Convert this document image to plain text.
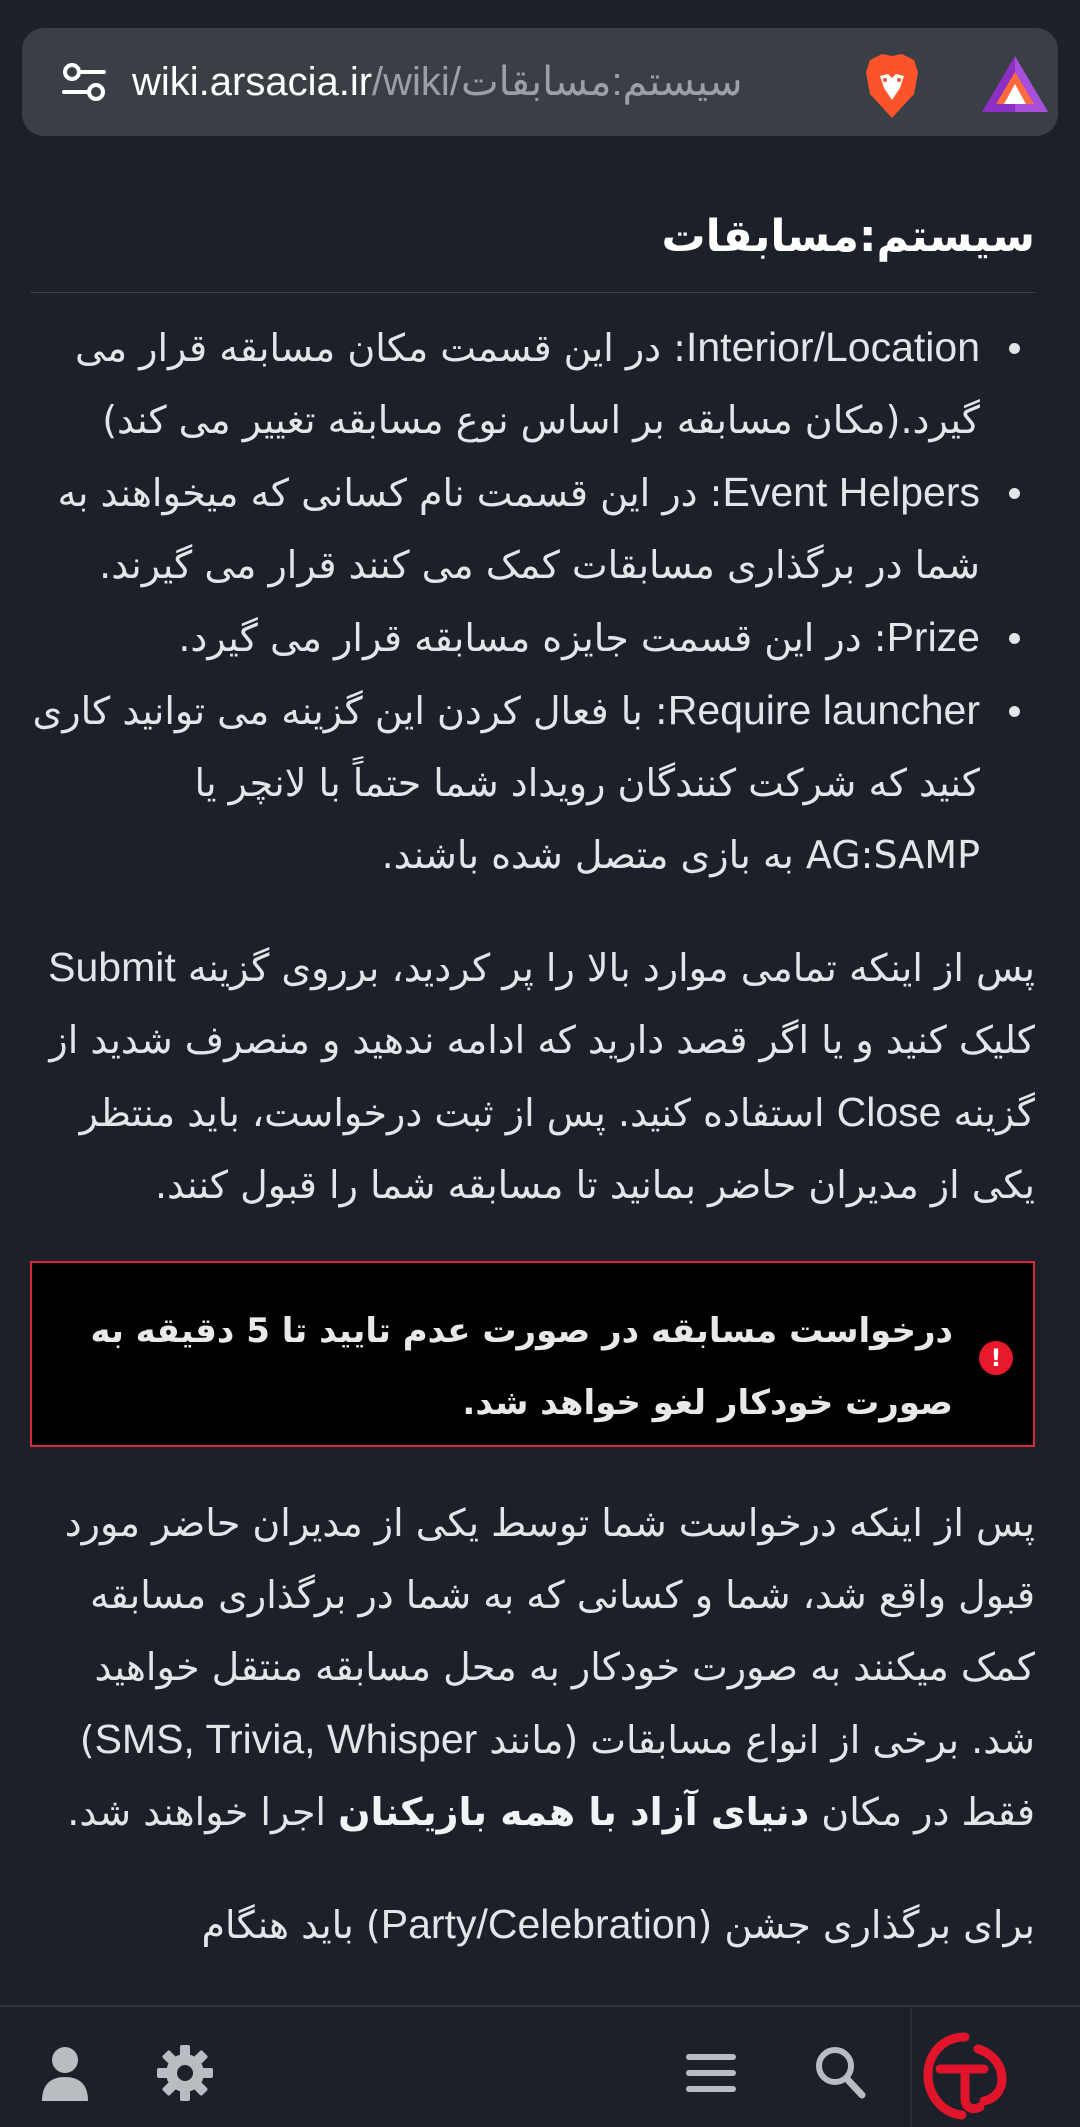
wiki.arsacia.ir/wiki/سیستم:مسابقات
سیستم:مسابقات
Interior/Location: در این قسمت مکان مسابقه قرار می گیرد.(مکان مسابقه بر اساس نوع مسابقه تغییر می کند)
Event Helpers: در این قسمت نام کسانی که میخواهند به شما در برگذاری مسابقات کمک می کنند قرار می گیرند.
Prize: در این قسمت جایزه مسابقه قرار می گیرد.
Require launcher: با فعال کردن این گزینه می توانید کاری کنید که شرکت کنندگان رویداد شما حتماً با لانچر یا AG:SAMP به بازی متصل شده باشند.

پس از اینکه تمامی موارد بالا را پر کردید، برروی گزینه Submit کلیک کنید و یا اگر قصد دارید که ادامه ندهید و منصرف شدید از گزینه Close استفاده کنید. پس از ثبت درخواست، باید منتظر یکی از مدیران حاضر بمانید تا مسابقه شما را قبول کنند.

!
درخواست مسابقه در صورت عدم تایید تا 5 دقیقه به صورت خودکار لغو خواهد شد.

پس از اینکه درخواست شما توسط یکی از مدیران حاضر مورد قبول واقع شد، شما و کسانی که به شما در برگذاری مسابقه کمک میکنند به صورت خودکار به محل مسابقه منتقل خواهید شد. برخی از انواع مسابقات (مانند SMS, Trivia, Whisper) فقط در مکان دنیای آزاد با همه بازیکنان اجرا خواهند شد.

برای برگذاری جشن (Party/Celebration) باید هنگام
